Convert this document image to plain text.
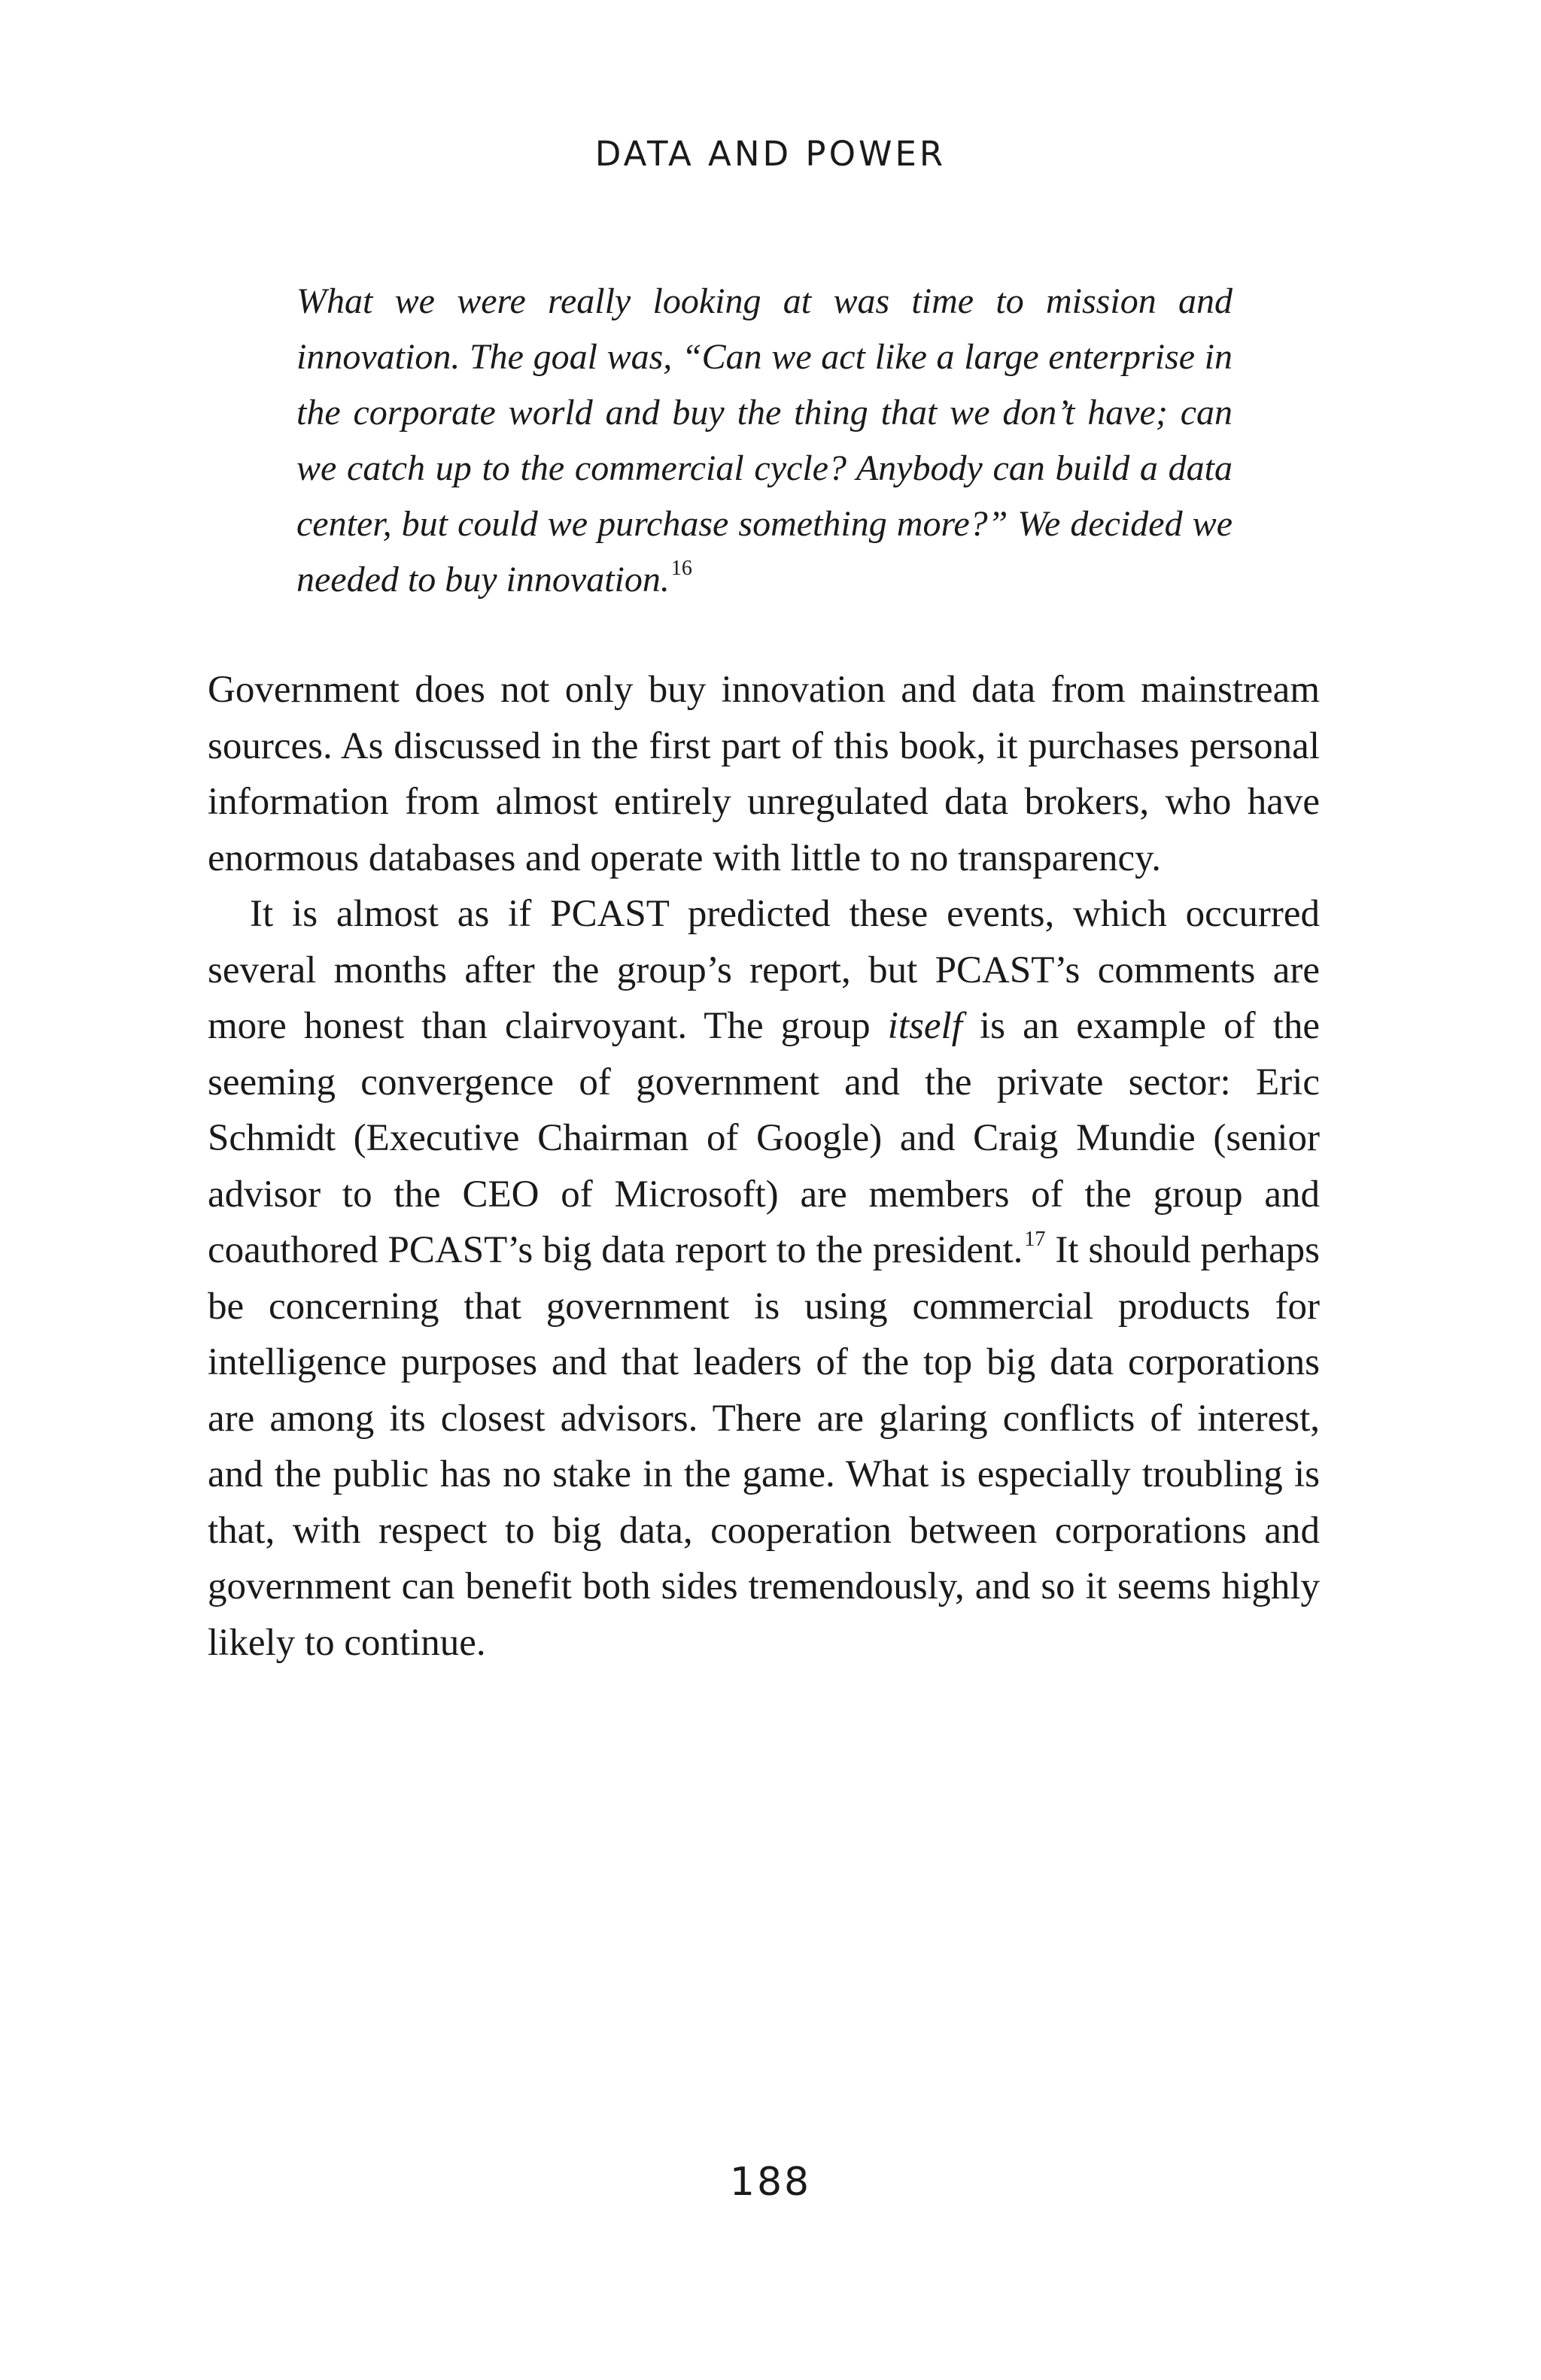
DATA AND POWER

What we were really looking at was time to mission and innovation. The goal was, “Can we act like a large enterprise in the corporate world and buy the thing that we don’t have; can we catch up to the commercial cycle? Anybody can build a data center, but could we purchase something more?” We decided we needed to buy innovation.$^{16}$

Government does not only buy innovation and data from mainstream sources. As discussed in the first part of this book, it purchases personal information from almost entirely unregulated data brokers, who have enormous databases and operate with little to no transparency.

It is almost as if PCAST predicted these events, which occurred several months after the group’s report, but PCAST’s comments are more honest than clairvoyant. The group itself is an example of the seeming convergence of government and the private sector: Eric Schmidt (Executive Chairman of Google) and Craig Mundie (senior advisor to the CEO of Microsoft) are members of the group and coauthored PCAST’s big data report to the president.$^{17}$ It should perhaps be concerning that government is using commercial products for intelligence purposes and that leaders of the top big data corporations are among its closest advisors. There are glaring conflicts of interest, and the public has no stake in the game. What is especially troubling is that, with respect to big data, cooperation between corporations and government can benefit both sides tremendously, and so it seems highly likely to continue.

188
